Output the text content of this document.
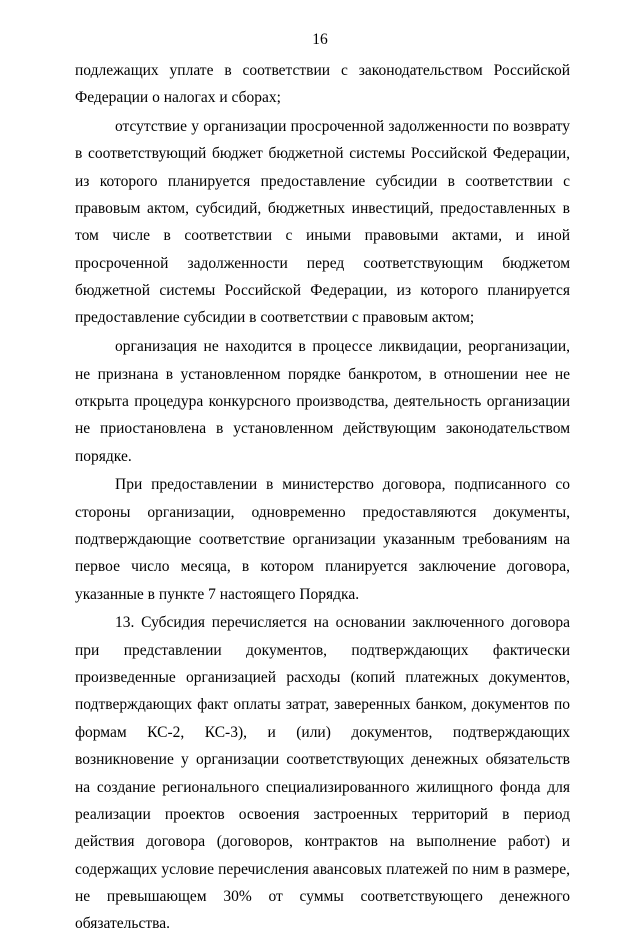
16

подлежащих уплате в соответствии с законодательством Российской Федерации о налогах и сборах;

отсутствие у организации просроченной задолженности по возврату в соответствующий бюджет бюджетной системы Российской Федерации, из которого планируется предоставление субсидии в соответствии с правовым актом, субсидий, бюджетных инвестиций, предоставленных в том числе в соответствии с иными правовыми актами, и иной просроченной задолженности перед соответствующим бюджетом бюджетной системы Российской Федерации, из которого планируется предоставление субсидии в соответствии с правовым актом;

организация не находится в процессе ликвидации, реорганизации, не признана в установленном порядке банкротом, в отношении нее не открыта процедура конкурсного производства, деятельность организации не приостановлена в установленном действующим законодательством порядке.

При предоставлении в министерство договора, подписанного со стороны организации, одновременно предоставляются документы, подтверждающие соответствие организации указанным требованиям на первое число месяца, в котором планируется заключение договора, указанные в пункте 7 настоящего Порядка.

13. Субсидия перечисляется на основании заключенного договора при представлении документов, подтверждающих фактически произведенные организацией расходы (копий платежных документов, подтверждающих факт оплаты затрат, заверенных банком, документов по формам КС-2, КС-3), и (или) документов, подтверждающих возникновение у организации соответствующих денежных обязательств на создание регионального специализированного жилищного фонда для реализации проектов освоения застроенных территорий в период действия договора (договоров, контрактов на выполнение работ) и содержащих условие перечисления авансовых платежей по ним в размере, не превышающем 30% от суммы соответствующего денежного обязательства.
